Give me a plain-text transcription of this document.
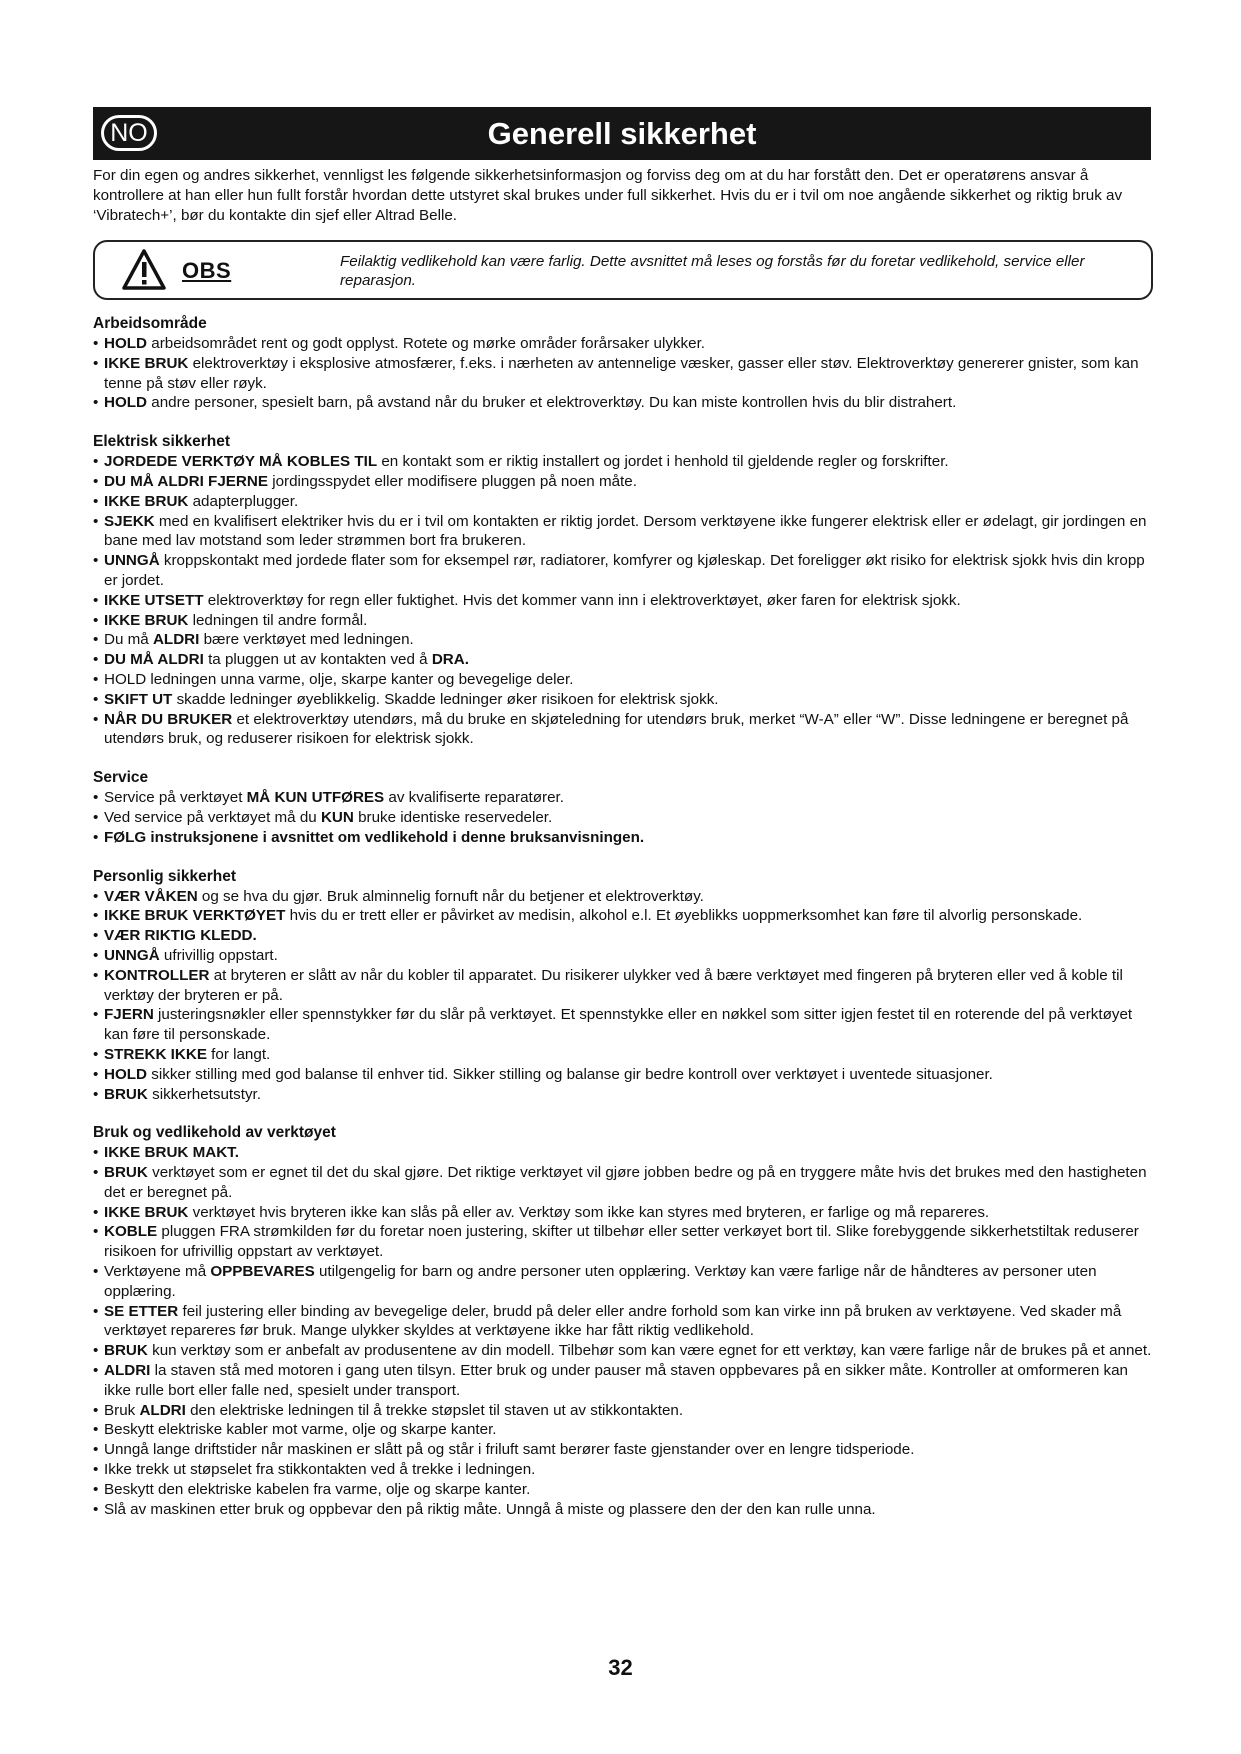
NO	Generell sikkerhet
For din egen og andres sikkerhet, vennligst les følgende sikkerhetsinformasjon og forviss deg om at du har forstått den. Det er operatørens ansvar å kontrollere at han eller hun fullt forstår hvordan dette utstyret skal brukes under full sikkerhet. Hvis du er i tvil om noe angående sikkerhet og riktig bruk av ‘Vibratech+’, bør du kontakte din sjef eller Altrad Belle.
OBS	Feilaktig vedlikehold kan være farlig. Dette avsnittet må leses og forstås før du foretar vedlikehold, service eller reparasjon.
Arbeidsområde
• HOLD arbeidsområdet rent og godt opplyst. Rotete og mørke områder forårsaker ulykker.
• IKKE BRUK elektroverktøy i eksplosive atmosfærer, f.eks. i nærheten av antennelige væsker, gasser eller støv. Elektroverktøy genererer gnister, som kan tenne på støv eller røyk.
• HOLD andre personer, spesielt barn, på avstand når du bruker et elektroverktøy. Du kan miste kontrollen hvis du blir distrahert.
Elektrisk sikkerhet
• JORDEDE VERKTØY MÅ KOBLES TIL en kontakt som er riktig installert og jordet i henhold til gjeldende regler og forskrifter.
• DU MÅ ALDRI FJERNE jordingsspydet eller modifisere pluggen på noen måte.
• IKKE BRUK adapterplugger.
• SJEKK med en kvalifisert elektriker hvis du er i tvil om kontakten er riktig jordet. Dersom verktøyene ikke fungerer elektrisk eller er ødelagt, gir jordingen en bane med lav motstand som leder strømmen bort fra brukeren.
• UNNGÅ kroppskontakt med jordede flater som for eksempel rør, radiatorer, komfyrer og kjøleskap. Det foreligger økt risiko for elektrisk sjokk hvis din kropp er jordet.
• IKKE UTSETT elektroverktøy for regn eller fuktighet. Hvis det kommer vann inn i elektroverktøyet, øker faren for elektrisk sjokk.
• IKKE BRUK ledningen til andre formål.
• Du må ALDRI bære verktøyet med ledningen.
• DU MÅ ALDRI ta pluggen ut av kontakten ved å DRA.
• HOLD ledningen unna varme, olje, skarpe kanter og bevegelige deler.
• SKIFT UT skadde ledninger øyeblikkelig. Skadde ledninger øker risikoen for elektrisk sjokk.
• NÅR DU BRUKER et elektroverktøy utendørs, må du bruke en skjøteledning for utendørs bruk, merket “W-A” eller “W”. Disse ledningene er beregnet på utendørs bruk, og reduserer risikoen for elektrisk sjokk.
Service
• Service på verktøyet MÅ KUN UTFØRES av kvalifiserte reparatører.
• Ved service på verktøyet må du KUN bruke identiske reservedeler.
• FØLG instruksjonene i avsnittet om vedlikehold i denne bruksanvisningen.
Personlig sikkerhet
• VÆR VÅKEN og se hva du gjør. Bruk alminnelig fornuft når du betjener et elektroverktøy.
• IKKE BRUK VERKTØYET hvis du er trett eller er påvirket av medisin, alkohol e.l. Et øyeblikks uoppmerksomhet kan føre til alvorlig personskade.
• VÆR RIKTIG KLEDD.
• UNNGÅ ufrivillig oppstart.
• KONTROLLER at bryteren er slått av når du kobler til apparatet. Du risikerer ulykker ved å bære verktøyet med fingeren på bryteren eller ved å koble til verktøy der bryteren er på.
• FJERN justeringsnøkler eller spennstykker før du slår på verktøyet. Et spennstykke eller en nøkkel som sitter igjen festet til en roterende del på verktøyet kan føre til personskade.
• STREKK IKKE for langt.
• HOLD sikker stilling med god balanse til enhver tid. Sikker stilling og balanse gir bedre kontroll over verktøyet i uventede situasjoner.
• BRUK sikkerhetsutstyr.
Bruk og vedlikehold av verktøyet
• IKKE BRUK MAKT.
• BRUK verktøyet som er egnet til det du skal gjøre. Det riktige verktøyet vil gjøre jobben bedre og på en tryggere måte hvis det brukes med den hastigheten det er beregnet på.
• IKKE BRUK verktøyet hvis bryteren ikke kan slås på eller av. Verktøy som ikke kan styres med bryteren, er farlige og må repareres.
• KOBLE pluggen FRA strømkilden før du foretar noen justering, skifter ut tilbehør eller setter verkøyet bort til. Slike forebyggende sikkerhetstiltak reduserer risikoen for ufrivillig oppstart av verktøyet.
• Verktøyene må OPPBEVARES utilgengelig for barn og andre personer uten opplæring. Verktøy kan være farlige når de håndteres av personer uten opplæring.
• SE ETTER feil justering eller binding av bevegelige deler, brudd på deler eller andre forhold som kan virke inn på bruken av verktøyene. Ved skader må verktøyet repareres før bruk. Mange ulykker skyldes at verktøyene ikke har fått riktig vedlikehold.
• BRUK kun verktøy som er anbefalt av produsentene av din modell. Tilbehør som kan være egnet for ett verktøy, kan være farlige når de brukes på et annet.
• ALDRI la staven stå med motoren i gang uten tilsyn. Etter bruk og under pauser må staven oppbevares på en sikker måte. Kontroller at omformeren kan ikke rulle bort eller falle ned, spesielt under transport.
• Bruk ALDRI den elektriske ledningen til å trekke støpslet til staven ut av stikkontakten.
• Beskytt elektriske kabler mot varme, olje og skarpe kanter.
• Unngå lange driftstider når maskinen er slått på og står i friluft samt berører faste gjenstander over en lengre tidsperiode.
• Ikke trekk ut støpselet fra stikkontakten ved å trekke i ledningen.
• Beskytt den elektriske kabelen fra varme, olje og skarpe kanter.
• Slå av maskinen etter bruk og oppbevar den på riktig måte. Unngå å miste og plassere den der den kan rulle unna.
32
